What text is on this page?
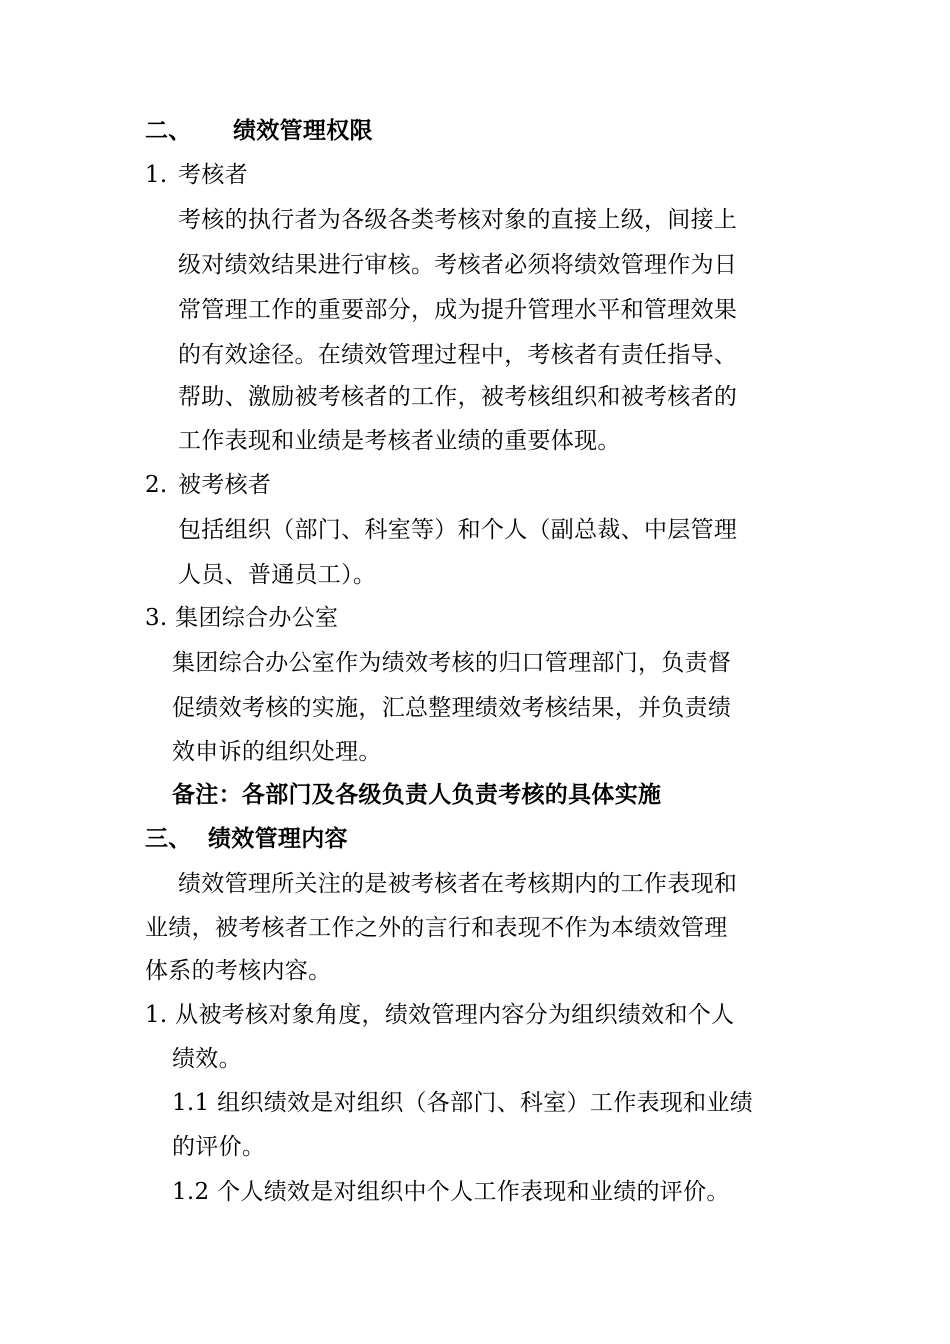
二、 绩效管理权限
1. 考核者
考核的执行者为各级各类考核对象的直接上级，间接上
级对绩效结果进行审核。考核者必须将绩效管理作为日
常管理工作的重要部分，成为提升管理水平和管理效果
的有效途径。在绩效管理过程中，考核者有责任指导、
帮助、激励被考核者的工作，被考核组织和被考核者的
工作表现和业绩是考核者业绩的重要体现。
2. 被考核者
包括组织（部门、科室等）和个人（副总裁、中层管理
人员、普通员工）。
3. 集团综合办公室
集团综合办公室作为绩效考核的归口管理部门，负责督
促绩效考核的实施，汇总整理绩效考核结果，并负责绩
效申诉的组织处理。
备注：各部门及各级负责人负责考核的具体实施
三、 绩效管理内容
绩效管理所关注的是被考核者在考核期内的工作表现和
业绩，被考核者工作之外的言行和表现不作为本绩效管理
体系的考核内容。
1. 从被考核对象角度，绩效管理内容分为组织绩效和个人
绩效。
1.1 组织绩效是对组织（各部门、科室）工作表现和业绩
的评价。
1.2 个人绩效是对组织中个人工作表现和业绩的评价。
